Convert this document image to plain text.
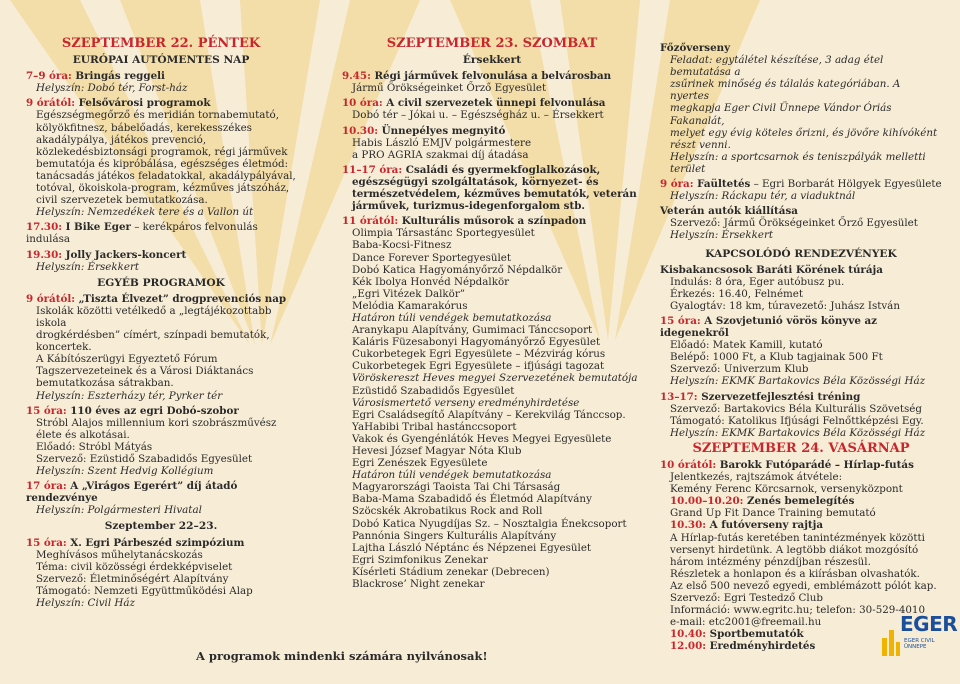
SZEPTEMBER 22. PÉNTEK
EURÓPAI AUTÓMENTES NAP
7–9 óra: Bringás reggeli
Helyszín: Dobó tér, Forst-ház
9 órától: Felsővárosi programok
Egészségmegőrző és meridián tornabemutató,
kölyökfitnesz, bábelőadás, kerekesszékes
akadálypálya, játékos prevenció,
közlekedésbiztonsági programok, régi járművek
bemutatója és kipróbálása, egészséges életmód:
tanácsadás játékos feladatokkal, akadálypályával,
totóval, ökoiskola-program, kézműves játszóház,
civil szervezetek bemutatkozása.
Helyszín: Nemzedékek tere és a Vallon út
17.30: I Bike Eger – kerékpáros felvonulás indulása
19.30: Jolly Jackers-koncert
Helyszín: Érsekkert
EGYÉB PROGRAMOK
9 órától: „Tiszta Élvezet” drogprevenciós nap
Iskolák közötti vetélkedő a „legtájékozottabb iskola
drogkérdésben” címért, színpadi bemutatók,
koncertek.
A Kábítószerügyi Egyeztető Fórum
Tagszervezeteinek és a Városi Diáktanács
bemutatkozása sátrakban.
Helyszín: Eszterházy tér, Pyrker tér
15 óra: 110 éves az egri Dobó-szobor
Stróbl Alajos millennium kori szobrászművész
élete és alkotásai.
Előadó: Stróbl Mátyás
Szervező: Ezüstidő Szabadidős Egyesület
Helyszín: Szent Hedvig Kollégium
17 óra: A „Virágos Egerért” díj átadó rendezvénye
Helyszín: Polgármesteri Hivatal
Szeptember 22–23.
15 óra: X. Egri Párbeszéd szimpózium
Meghívásos műhelytanácskozás
Téma: civil közösségi érdekképviselet
Szervező: Életminőségért Alapítvány
Támogató: Nemzeti Együttműködési Alap
Helyszín: Civil Ház
SZEPTEMBER 23. SZOMBAT
Érsekkert
9.45: Régi járművek felvonulása a belvárosban
Jármű Örökségeinket Őrző Egyesület
10 óra: A civil szervezetek ünnepi felvonulása
Dobó tér – Jókai u. – Egészségház u. – Érsekkert
10.30: Ünnepélyes megnyitó
Habis László EMJV polgármestere
a PRO AGRIA szakmai díj átadása
11–17 óra: Családi és gyermekfoglalkozások,
egészségügyi szolgáltatások, környezet- és
természetvédelem, kézműves bemutatók, veterán
járművek, turizmus-idegenforgalom stb.
11 órától: Kulturális műsorok a színpadon
Olimpia Társastánc Sportegyesület
Baba-Kocsi-Fitnesz
Dance Forever Sportegyesület
Dobó Katica Hagyományőrző Népdalkör
Kék Ibolya Honvéd Népdalkör
„Egri Vitézek Dalkör”
Melódia Kamarakórus
Határon túli vendégek bemutatkozása
Aranykapu Alapítvány, Gumimaci Tánccsoport
Kaláris Füzesabonyi Hagyományőrző Egyesület
Cukorbetegek Egri Egyesülete – Mézvirág kórus
Cukorbetegek Egri Egyesülete – ifjúsági tagozat
Vöröskereszt Heves megyei Szervezetének bemutatója
Ezüstidő Szabadidős Egyesület
Városismertető verseny eredményhirdetése
Egri Családsegítő Alapítvány – Kerekvilág Tánccsop.
YaHabibi Tribal hastánccsoport
Vakok és Gyengénlátók Heves Megyei Egyesülete
Hevesi József Magyar Nóta Klub
Egri Zenészek Egyesülete
Határon túli vendégek bemutatkozása
Magyarországi Taoista Tai Chi Társaság
Baba-Mama Szabadidő és Életmód Alapítvány
Szöcskék Akrobatikus Rock and Roll
Dobó Katica Nyugdíjas Sz. – Nosztalgia Énekcsoport
Pannónia Singers Kulturális Alapítvány
Lajtha László Néptánc és Népzenei Egyesület
Egri Szimfonikus Zenekar
Kísérleti Stádium zenekar (Debrecen)
Blackrose’ Night zenekar
Főzőverseny
Feladat: egytálétel készítése, 3 adag étel bemutatása a
zsűrinek minőség és tálalás kategóriában. A nyertes
megkapja Eger Civil Ünnepe Vándor Óriás Fakanalát,
melyet egy évig köteles őrizni, és jövőre kihívóként
részt venni.
Helyszín: a sportcsarnok és teniszpályák melletti terület
9 óra: Faültetés – Egri Borbarát Hölgyek Egyesülete
Helyszín: Ráckapu tér, a viaduktnál
Veterán autók kiállítása
Szervező: Jármű Örökségeinket Őrző Egyesület
Helyszín: Érsekkert
KAPCSOLÓDÓ RENDEZVÉNYEK
Kisbakancsosok Baráti Körének túrája
Indulás: 8 óra, Eger autóbusz pu.
Érkezés: 16.40, Felnémet
Gyalogtáv: 18 km, túravezető: Juhász István
15 óra: A Szovjetunió vörös könyve az idegenekről
Előadó: Matek Kamill, kutató
Belépő: 1000 Ft, a Klub tagjainak 500 Ft
Szervező: Univerzum Klub
Helyszín: EKMK Bartakovics Béla Közösségi Ház
13–17: Szervezetfejlesztési tréning
Szervező: Bartakovics Béla Kulturális Szövetség
Támogató: Katolikus Ifjúsági Felnőttképzési Egy.
Helyszín: EKMK Bartakovics Béla Közösségi Ház
SZEPTEMBER 24. VASÁRNAP
10 órától: Barokk Futóparádé – Hírlap-futás
Jelentkezés, rajtszámok átvétele:
Kemény Ferenc Körcsarnok, versenyközpont
10.00–10.20: Zenés bemelegítés
Grand Up Fit Dance Training bemutató
10.30: A futóverseny rajtja
A Hírlap-futás keretében tanintézmények közötti
versenyt hirdetünk. A legtöbb diákot mozgósító
három intézmény pénzdíjban részesül.
Részletek a honlapon és a kiírásban olvashatók.
Az első 500 nevező egyedi, emblémázott pólót kap.
Szervező: Egri Testedző Club
Információ: www.egritc.hu; telefon: 30-529-4010
e-mail: etc2001@freemail.hu
10.40: Sportbemutatók
12.00: Eredményhirdetés
A programok mindenki számára nyilvánosak!
EGER
EGER CIVIL ÜNNEPE
